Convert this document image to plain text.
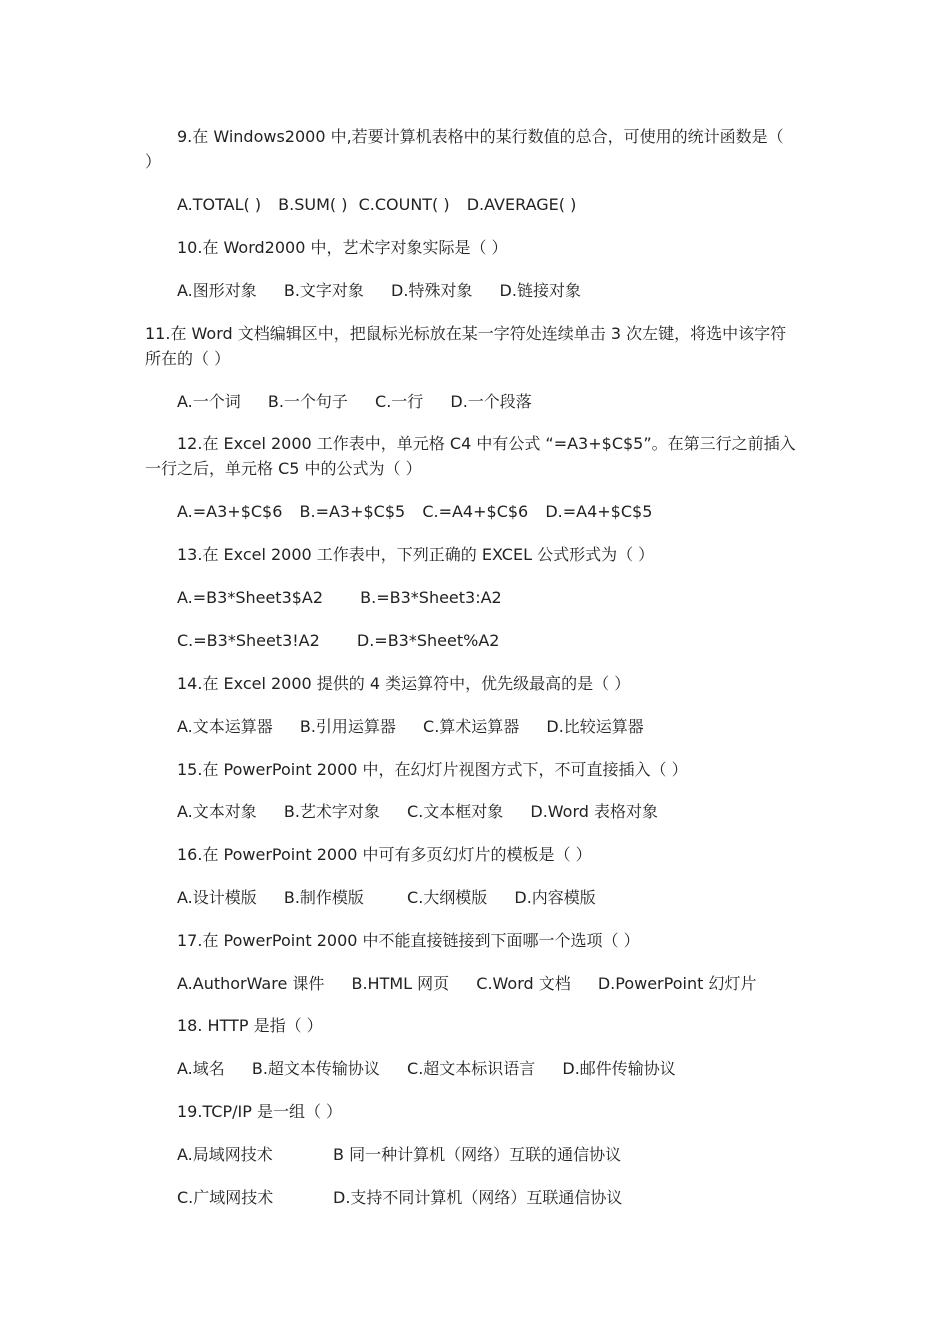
9.在 Windows2000 中,若要计算机表格中的某行数值的总合，可使用的统计函数是（
）
A.TOTAL( ) B.SUM( ) C.COUNT( ) D.AVERAGE( )
10.在 Word2000 中，艺术字对象实际是（ ）
A.图形对象 B.文字对象 D.特殊对象 D.链接对象
11.在 Word 文档编辑区中，把鼠标光标放在某一字符处连续单击 3 次左键，将选中该字符
所在的（ ）
A.一个词 B.一个句子 C.一行 D.一个段落
12.在 Excel 2000 工作表中，单元格 C4 中有公式 “=A3+$C$5”。在第三行之前插入
一行之后，单元格 C5 中的公式为（ ）
A.=A3+$C$6 B.=A3+$C$5 C.=A4+$C$6 D.=A4+$C$5
13.在 Excel 2000 工作表中，下列正确的 EXCEL 公式形式为（ ）
A.=B3*Sheet3$A2 B.=B3*Sheet3:A2
C.=B3*Sheet3!A2 D.=B3*Sheet%A2
14.在 Excel 2000 提供的 4 类运算符中，优先级最高的是（ ）
A.文本运算器 B.引用运算器 C.算术运算器 D.比较运算器
15.在 PowerPoint 2000 中，在幻灯片视图方式下，不可直接插入（ ）
A.文本对象 B.艺术字对象 C.文本框对象 D.Word 表格对象
16.在 PowerPoint 2000 中可有多页幻灯片的模板是（ ）
A.设计模版 B.制作模版	C.大纲模版 D.内容模版
17.在 PowerPoint 2000 中不能直接链接到下面哪一个选项（ ）
A.AuthorWare 课件 B.HTML 网页 C.Word 文档 D.PowerPoint 幻灯片
18. HTTP 是指（ ）
A.域名 B.超文本传输协议 C.超文本标识语言 D.邮件传输协议
19.TCP/IP 是一组（ ）
A.局域网技术	B 同一种计算机（网络）互联的通信协议
C.广域网技术	D.支持不同计算机（网络）互联通信协议
